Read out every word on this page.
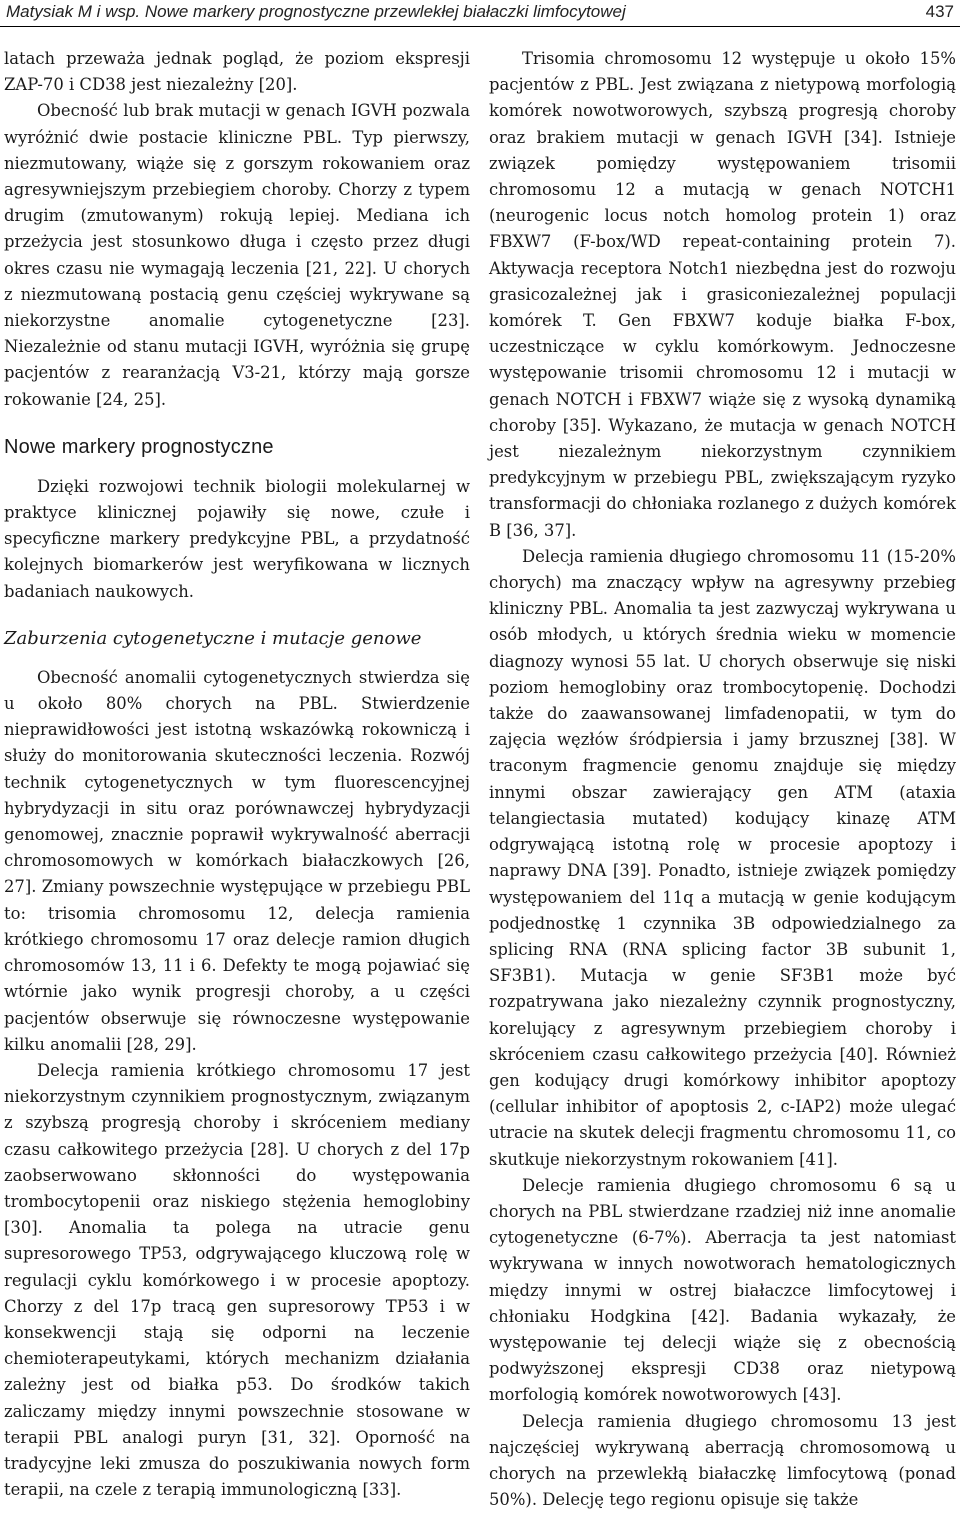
Matysiak M i wsp. Nowe markery prognostyczne przewlekłej białaczki limfocytowej	437

latach przeważa jednak pogląd, że poziom ekspresji ZAP-70 i CD38 jest niezależny [20].

Obecność lub brak mutacji w genach IGVH pozwala wyróżnić dwie postacie kliniczne PBL. Typ pierwszy, niezmutowany, wiąże się z gorszym rokowaniem oraz agresywniejszym przebiegiem choroby. Chorzy z typem drugim (zmutowanym) rokują lepiej. Mediana ich przeżycia jest stosunkowo długa i często przez długi okres czasu nie wymagają leczenia [21, 22]. U chorych z niezmutowaną postacią genu częściej wykrywane są niekorzystne anomalie cytogenetyczne [23]. Niezależnie od stanu mutacji IGVH, wyróżnia się grupę pacjentów z rearanżacją V3-21, którzy mają gorsze rokowanie [24, 25].

Nowe markery prognostyczne

Dzięki rozwojowi technik biologii molekularnej w praktyce klinicznej pojawiły się nowe, czułe i specyficzne markery predykcyjne PBL, a przydatność kolejnych biomarkerów jest weryfikowana w licznych badaniach naukowych.

Zaburzenia cytogenetyczne i mutacje genowe

Obecność anomalii cytogenetycznych stwierdza się u około 80% chorych na PBL. Stwierdzenie nieprawidłowości jest istotną wskazówką rokowniczą i służy do monitorowania skuteczności leczenia. Rozwój technik cytogenetycznych w tym fluorescencyjnej hybrydyzacji in situ oraz porównawczej hybrydyzacji genomowej, znacznie poprawił wykrywalność aberracji chromosomowych w komórkach białaczkowych [26, 27]. Zmiany powszechnie występujące w przebiegu PBL to: trisomia chromosomu 12, delecja ramienia krótkiego chromosomu 17 oraz delecje ramion długich chromosomów 13, 11 i 6. Defekty te mogą pojawiać się wtórnie jako wynik progresji choroby, a u części pacjentów obserwuje się równoczesne występowanie kilku anomalii [28, 29].

Delecja ramienia krótkiego chromosomu 17 jest niekorzystnym czynnikiem prognostycznym, związanym z szybszą progresją choroby i skróceniem mediany czasu całkowitego przeżycia [28]. U chorych z del 17p zaobserwowano skłonności do występowania trombocytopenii oraz niskiego stężenia hemoglobiny [30]. Anomalia ta polega na utracie genu supresorowego TP53, odgrywającego kluczową rolę w regulacji cyklu komórkowego i w procesie apoptozy. Chorzy z del 17p tracą gen supresorowy TP53 i w konsekwencji stają się odporni na leczenie chemioterapeutykami, których mechanizm działania zależny jest od białka p53. Do środków takich zaliczamy między innymi powszechnie stosowane w terapii PBL analogi puryn [31, 32]. Oporność na tradycyjne leki zmusza do poszukiwania nowych form terapii, na czele z terapią immunologiczną [33].

Trisomia chromosomu 12 występuje u około 15% pacjentów z PBL. Jest związana z nietypową morfologią komórek nowotworowych, szybszą progresją choroby oraz brakiem mutacji w genach IGVH [34]. Istnieje związek pomiędzy występowaniem trisomii chromosomu 12 a mutacją w genach NOTCH1 (neurogenic locus notch homolog protein 1) oraz FBXW7 (F-box/WD repeat-containing protein 7). Aktywacja receptora Notch1 niezbędna jest do rozwoju grasicozależnej jak i grasiconiezależnej populacji komórek T. Gen FBXW7 koduje białka F-box, uczestniczące w cyklu komórkowym. Jednoczesne występowanie trisomii chromosomu 12 i mutacji w genach NOTCH i FBXW7 wiąże się z wysoką dynamiką choroby [35]. Wykazano, że mutacja w genach NOTCH jest niezależnym niekorzystnym czynnikiem predykcyjnym w przebiegu PBL, zwiększającym ryzyko transformacji do chłoniaka rozlanego z dużych komórek B [36, 37].

Delecja ramienia długiego chromosomu 11 (15-20% chorych) ma znaczący wpływ na agresywny przebieg kliniczny PBL. Anomalia ta jest zazwyczaj wykrywana u osób młodych, u których średnia wieku w momencie diagnozy wynosi 55 lat. U chorych obserwuje się niski poziom hemoglobiny oraz trombocytopenię. Dochodzi także do zaawansowanej limfadenopatii, w tym do zajęcia węzłów śródpiersia i jamy brzusznej [38]. W traconym fragmencie genomu znajduje się między innymi obszar zawierający gen ATM (ataxia telangiectasia mutated) kodujący kinazę ATM odgrywającą istotną rolę w procesie apoptozy i naprawy DNA [39]. Ponadto, istnieje związek pomiędzy występowaniem del 11q a mutacją w genie kodującym podjednostkę 1 czynnika 3B odpowiedzialnego za splicing RNA (RNA splicing factor 3B subunit 1, SF3B1). Mutacja w genie SF3B1 może być rozpatrywana jako niezależny czynnik prognostyczny, korelujący z agresywnym przebiegiem choroby i skróceniem czasu całkowitego przeżycia [40]. Również gen kodujący drugi komórkowy inhibitor apoptozy (cellular inhibitor of apoptosis 2, c-IAP2) może ulegać utracie na skutek delecji fragmentu chromosomu 11, co skutkuje niekorzystnym rokowaniem [41].

Delecje ramienia długiego chromosomu 6 są u chorych na PBL stwierdzane rzadziej niż inne anomalie cytogenetyczne (6-7%). Aberracja ta jest natomiast wykrywana w innych nowotworach hematologicznych między innymi w ostrej białaczce limfocytowej i chłoniaku Hodgkina [42]. Badania wykazały, że występowanie tej delecji wiąże się z obecnością podwyższonej ekspresji CD38 oraz nietypową morfologią komórek nowotworowych [43].

Delecja ramienia długiego chromosomu 13 jest najczęściej wykrywaną aberracją chromosomową u chorych na przewlekłą białaczkę limfocytową (ponad 50%). Delecję tego regionu opisuje się także
